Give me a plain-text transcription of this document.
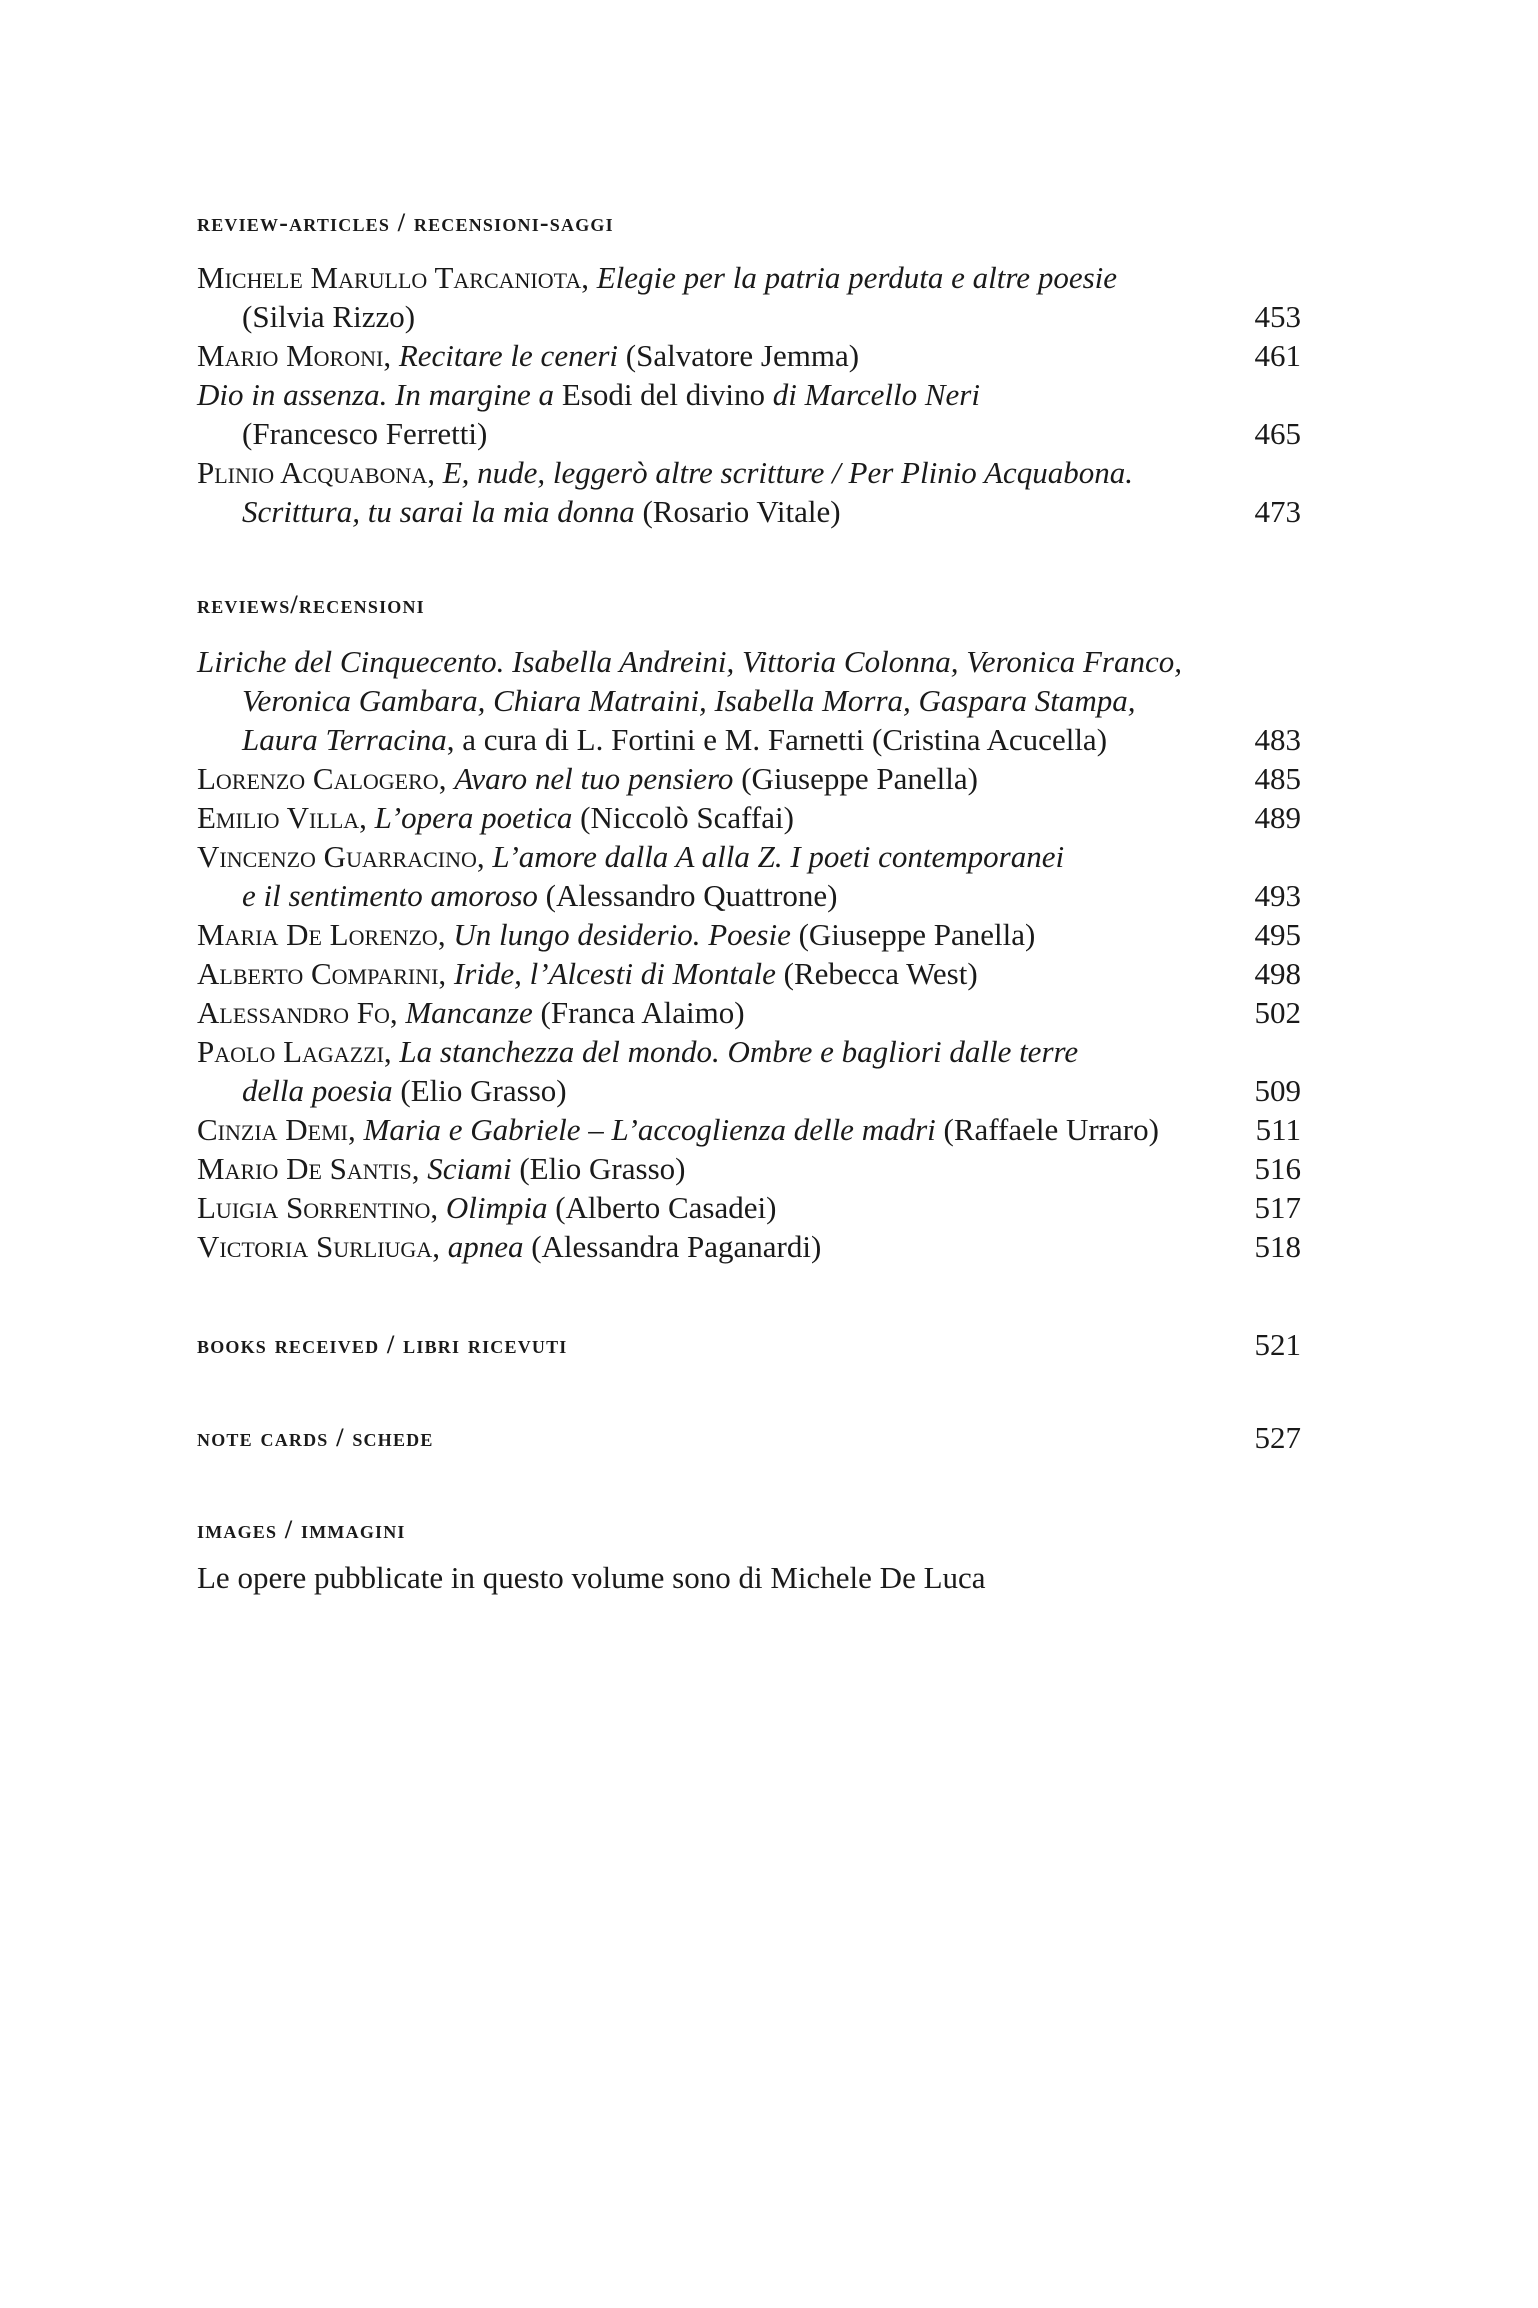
review-articles / recensioni-saggi
Michele Marullo Tarcaniota, Elegie per la patria perduta e altre poesie
(Silvia Rizzo)	453
Mario Moroni, Recitare le ceneri (Salvatore Jemma)	461
Dio in assenza. In margine a Esodi del divino di Marcello Neri
(Francesco Ferretti)	465
Plinio Acquabona, E, nude, leggerò altre scritture / Per Plinio Acquabona.
Scrittura, tu sarai la mia donna (Rosario Vitale)	473
reviews/recensioni
Liriche del Cinquecento. Isabella Andreini, Vittoria Colonna, Veronica Franco,
Veronica Gambara, Chiara Matraini, Isabella Morra, Gaspara Stampa,
Laura Terracina, a cura di L. Fortini e M. Farnetti (Cristina Acucella)	483
Lorenzo Calogero, Avaro nel tuo pensiero (Giuseppe Panella)	485
Emilio Villa, L’opera poetica (Niccolò Scaffai)	489
Vincenzo Guarracino, L’amore dalla A alla Z. I poeti contemporanei
e il sentimento amoroso (Alessandro Quattrone)	493
Maria De Lorenzo, Un lungo desiderio. Poesie (Giuseppe Panella)	495
Alberto Comparini, Iride, l’Alcesti di Montale (Rebecca West)	498
Alessandro Fo, Mancanze (Franca Alaimo)	502
Paolo Lagazzi, La stanchezza del mondo. Ombre e bagliori dalle terre
della poesia (Elio Grasso)	509
Cinzia Demi, Maria e Gabriele – L’accoglienza delle madri (Raffaele Urraro)	511
Mario De Santis, Sciami (Elio Grasso)	516
Luigia Sorrentino, Olimpia (Alberto Casadei)	517
Victoria Surliuga, apnea (Alessandra Paganardi)	518
books received / libri ricevuti	521
note cards / schede	527
images / immagini
Le opere pubblicate in questo volume sono di Michele De Luca
